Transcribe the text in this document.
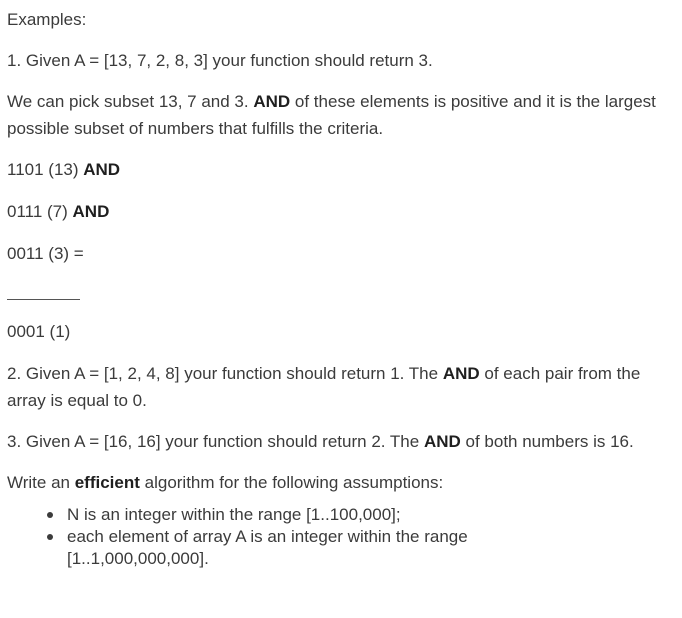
Examples:

1. Given A = [13, 7, 2, 8, 3] your function should return 3.

We can pick subset 13, 7 and 3. AND of these elements is positive and it is the largest possible subset of numbers that fulfills the criteria.

1101 (13) AND

0111 (7) AND

0011 (3) =

0001 (1)

2. Given A = [1, 2, 4, 8] your function should return 1. The AND of each pair from the array is equal to 0.

3. Given A = [16, 16] your function should return 2. The AND of both numbers is 16.

Write an efficient algorithm for the following assumptions:

N is an integer within the range [1..100,000];
each element of array A is an integer within the range [1..1,000,000,000].
